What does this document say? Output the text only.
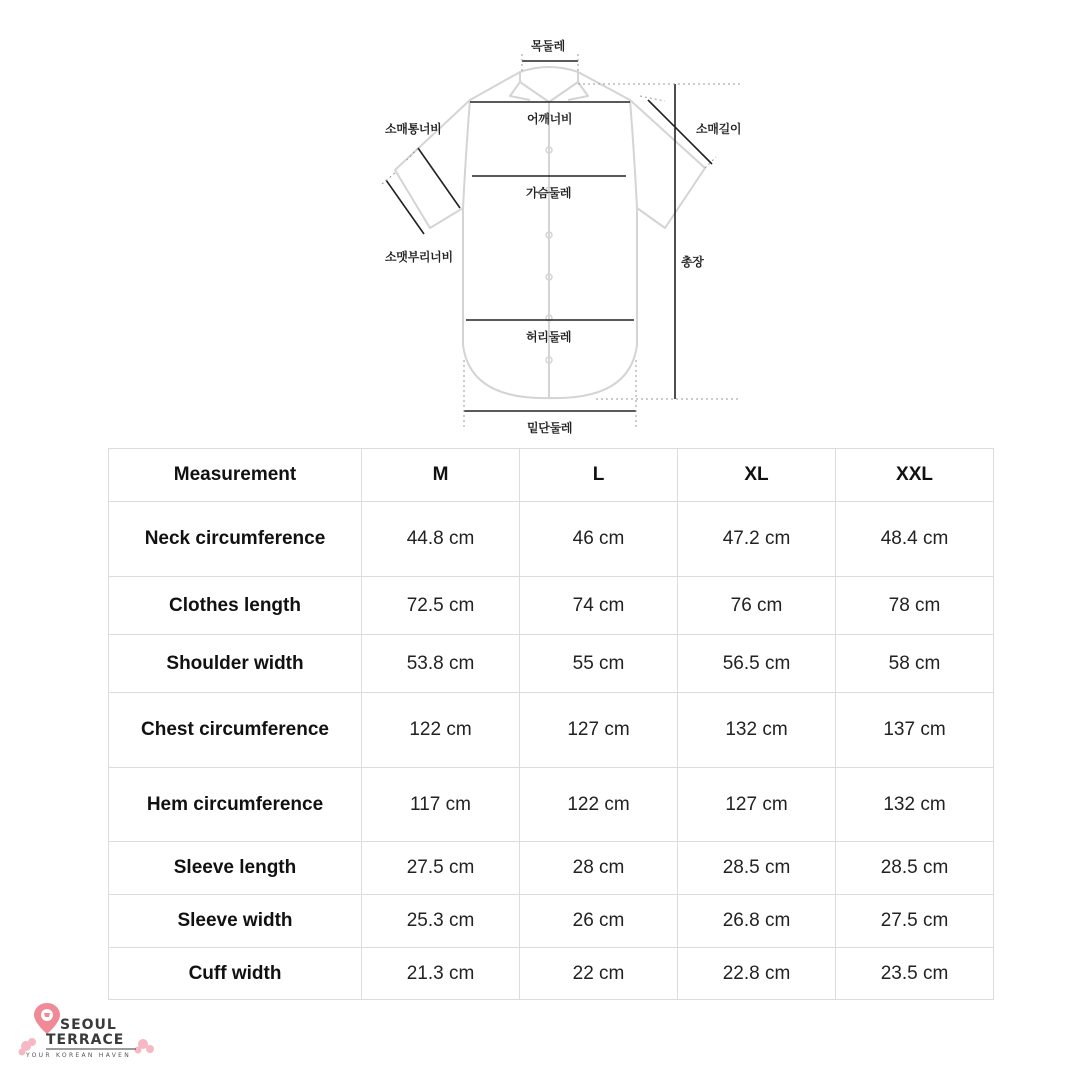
목둘레
어깨너비
소매통너비	소매길이
가슴둘레
소맷부리너비	총장
허리둘레
밑단둘레
Measurement	M	L	XL	XXL
Neck circumference	44.8 cm	46 cm	47.2 cm	48.4 cm
Clothes length	72.5 cm	74 cm	76 cm	78 cm
Shoulder width	53.8 cm	55 cm	56.5 cm	58 cm
Chest circumference	122 cm	127 cm	132 cm	137 cm
Hem circumference	117 cm	122 cm	127 cm	132 cm
Sleeve length	27.5 cm	28 cm	28.5 cm	28.5 cm
Sleeve width	25.3 cm	26 cm	26.8 cm	27.5 cm
Cuff width	21.3 cm	22 cm	22.8 cm	23.5 cm
SEOUL
TERRACE
YOUR KOREAN HAVEN
